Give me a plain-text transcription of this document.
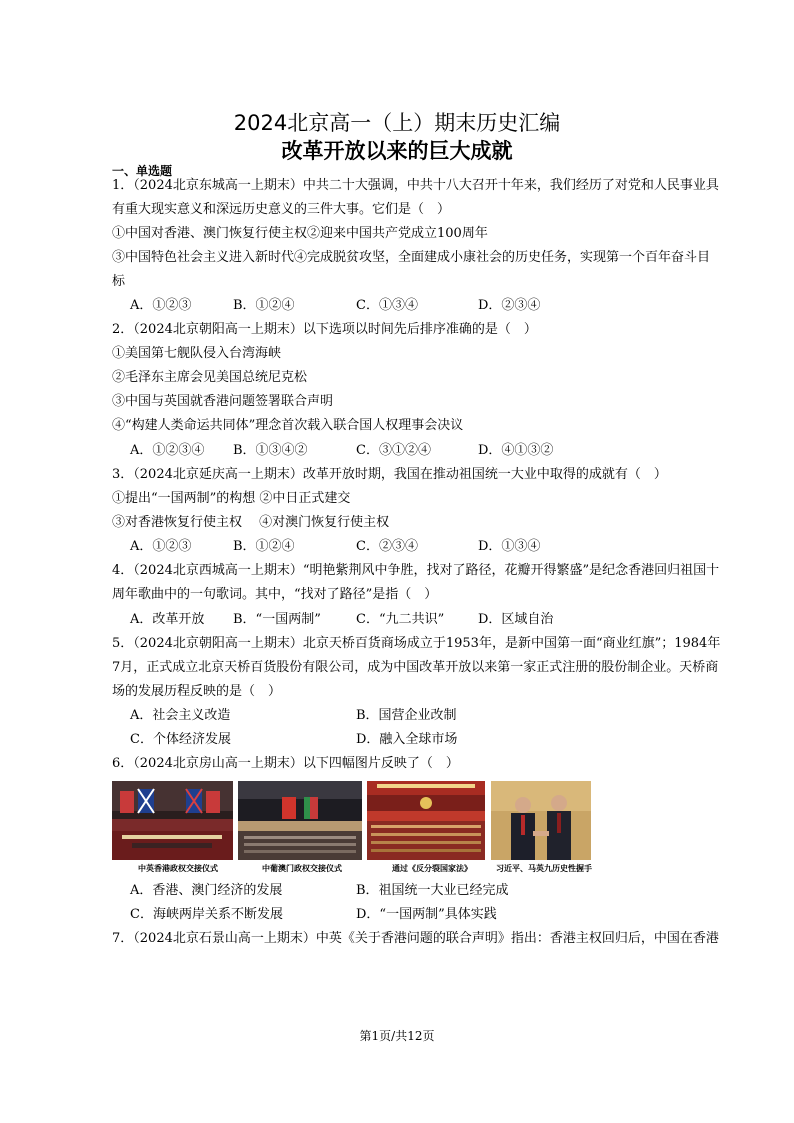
2024北京高一（上）期末历史汇编
改革开放以来的巨大成就
一、单选题
1．（2024北京东城高一上期末）中共二十大强调，中共十八大召开十年来，我们经历了对党和人民事业具
有重大现实意义和深远历史意义的三件大事。它们是（　）
①中国对香港、澳门恢复行使主权②迎来中国共产党成立100周年
③中国特色社会主义进入新时代④完成脱贫攻坚，全面建成小康社会的历史任务，实现第一个百年奋斗目
标
A．①②③	B．①②④	C．①③④	D．②③④
2．（2024北京朝阳高一上期末）以下选项以时间先后排序准确的是（　）
①美国第七舰队侵入台湾海峡
②毛泽东主席会见美国总统尼克松
③中国与英国就香港问题签署联合声明
④“构建人类命运共同体”理念首次载入联合国人权理事会决议
A．①②③④ B．①③④②	C．③①②④	D．④①③②
3．（2024北京延庆高一上期末）改革开放时期，我国在推动祖国统一大业中取得的成就有（　）
①提出“一国两制”的构想 ②中日正式建交
③对香港恢复行使主权　 ④对澳门恢复行使主权
A．①②③	B．①②④	C．②③④	D．①③④
4．（2024北京西城高一上期末）“明艳紫荆风中争胜，找对了路径，花瓣开得繁盛”是纪念香港回归祖国十
周年歌曲中的一句歌词。其中，“找对了路径”是指（　）
A．改革开放 B．“一国两制”	C．“九二共识”	D．区域自治
5．（2024北京朝阳高一上期末）北京天桥百货商场成立于1953年，是新中国第一面“商业红旗”；1984年
7月，正式成立北京天桥百货股份有限公司，成为中国改革开放以来第一家正式注册的股份制企业。天桥商
场的发展历程反映的是（　）
A．社会主义改造	B．国营企业改制
C．个体经济发展	D．融入全球市场
6．（2024北京房山高一上期末）以下四幅图片反映了（　）
中英香港政权交接仪式	中葡澳门政权交接仪式	通过《反分裂国家法》	习近平、马英九历史性握手
A．香港、澳门经济的发展	B．祖国统一大业已经完成
C．海峡两岸关系不断发展	D．“一国两制”具体实践
7．（2024北京石景山高一上期末）中英《关于香港问题的联合声明》指出：香港主权回归后，中国在香港
第1页/共12页
